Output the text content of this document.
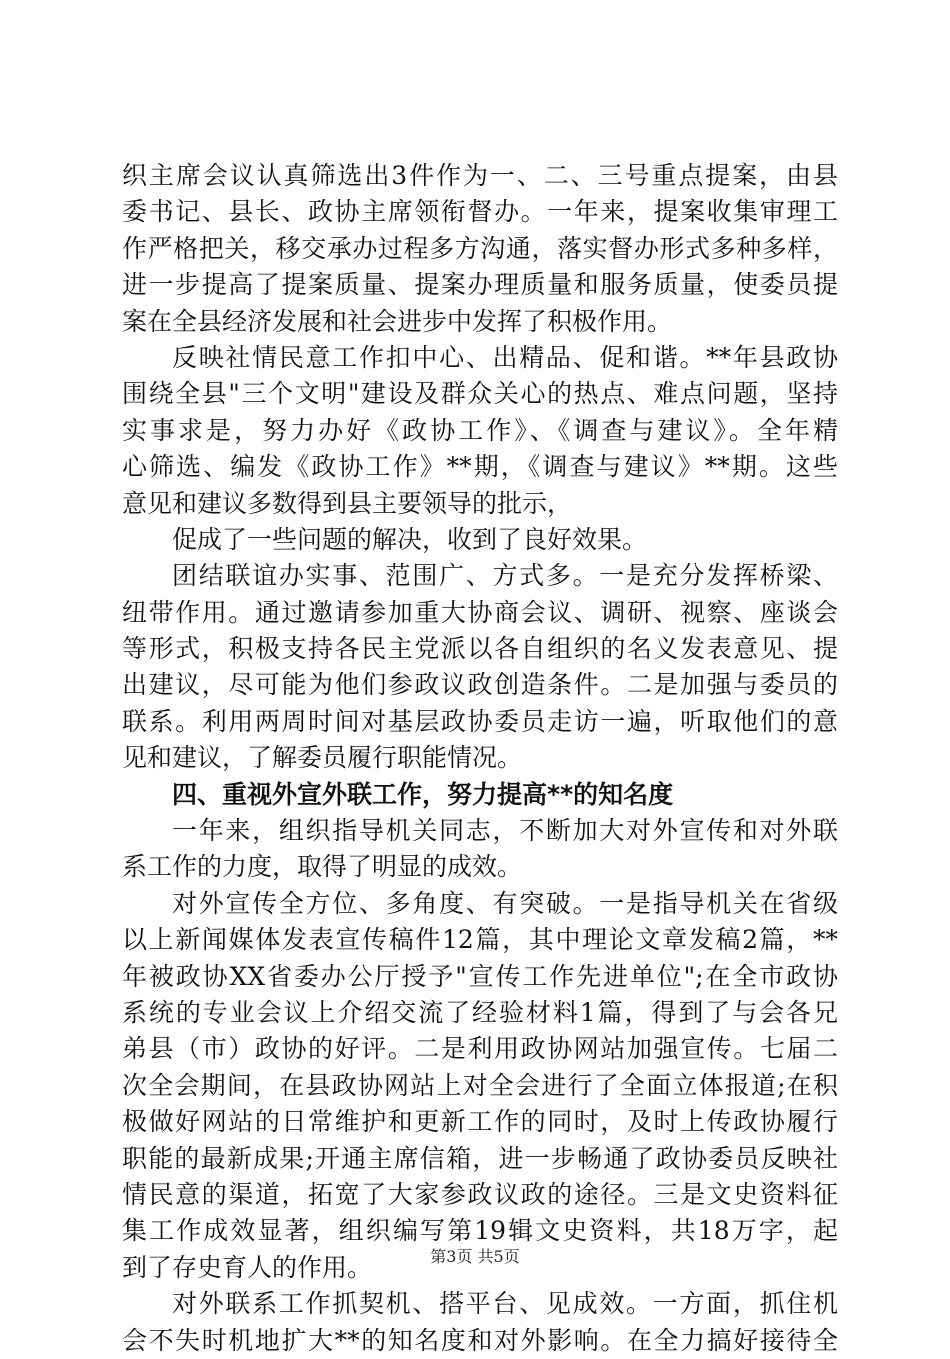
织主席会议认真筛选出3件作为一、二、三号重点提案，由县
委书记、县长、政协主席领衔督办。一年来，提案收集审理工
作严格把关，移交承办过程多方沟通，落实督办形式多种多样，
进一步提高了提案质量、提案办理质量和服务质量，使委员提
案在全县经济发展和社会进步中发挥了积极作用。
反映社情民意工作扣中心、出精品、促和谐。**年县政协
围绕全县"三个文明"建设及群众关心的热点、难点问题，坚持
实事求是，努力办好《政协工作》、《调查与建议》。全年精
心筛选、编发《政协工作》**期，《调查与建议》**期。这些
意见和建议多数得到县主要领导的批示，
促成了一些问题的解决，收到了良好效果。
团结联谊办实事、范围广、方式多。一是充分发挥桥梁、
纽带作用。通过邀请参加重大协商会议、调研、视察、座谈会
等形式，积极支持各民主党派以各自组织的名义发表意见、提
出建议，尽可能为他们参政议政创造条件。二是加强与委员的
联系。利用两周时间对基层政协委员走访一遍，听取他们的意
见和建议，了解委员履行职能情况。
四、重视外宣外联工作，努力提高**的知名度
一年来，组织指导机关同志，不断加大对外宣传和对外联
系工作的力度，取得了明显的成效。
对外宣传全方位、多角度、有突破。一是指导机关在省级
以上新闻媒体发表宣传稿件12篇，其中理论文章发稿2篇，**
年被政协XX省委办公厅授予"宣传工作先进单位";在全市政协
系统的专业会议上介绍交流了经验材料1篇，得到了与会各兄
弟县（市）政协的好评。二是利用政协网站加强宣传。七届二
次全会期间，在县政协网站上对全会进行了全面立体报道;在积
极做好网站的日常维护和更新工作的同时，及时上传政协履行
职能的最新成果;开通主席信箱，进一步畅通了政协委员反映社
情民意的渠道，拓宽了大家参政议政的途径。三是文史资料征
集工作成效显著，组织编写第19辑文史资料，共18万字，起
到了存史育人的作用。
对外联系工作抓契机、搭平台、见成效。一方面，抓住机
会不失时机地扩大**的知名度和对外影响。在全力搞好接待全
第3页 共5页
